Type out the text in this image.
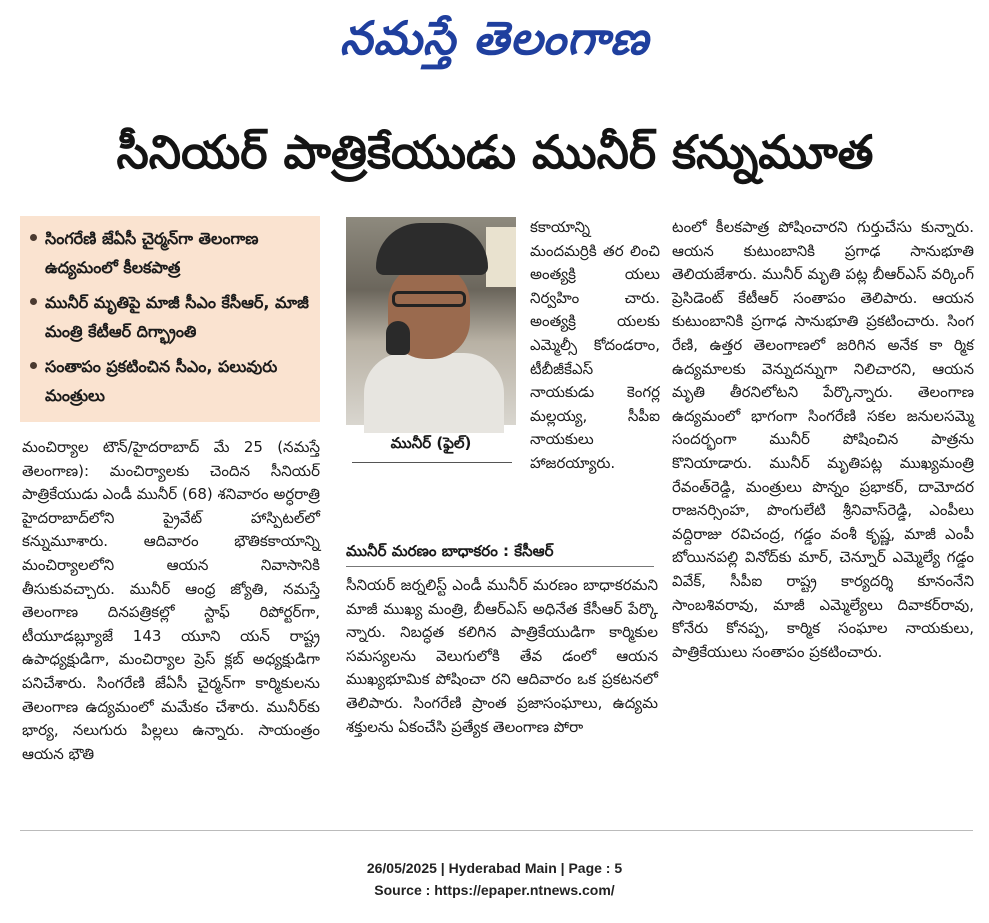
నమస్తే తెలంగాణ
సీనియర్ పాత్రికేయుడు మునీర్ కన్నుమూత
సింగరేణి జేఏసీ చైర్మన్‌గా తెలంగాణ ఉద్యమంలో కీలకపాత్ర
మునీర్ మృతిపై మాజీ సీఎం కేసీఆర్, మాజీ మంత్రి కేటీఆర్ దిగ్భ్రాంతి
సంతాపం ప్రకటించిన సీఎం, పలువురు మంత్రులు
మంచిర్యాల టౌన్/హైదరాబాద్ మే 25 (నమస్తే తెలంగాణ): మంచిర్యాలకు చెందిన సీనియర్ పాత్రికేయుడు ఎండీ మునీర్ (68) శనివారం అర్ధరాత్రి హైదరాబాద్‌లోని ప్రైవేట్ హాస్పిటల్‌లో కన్నుమూశారు. ఆదివారం భౌతికకాయాన్ని మంచిర్యాలలోని ఆయన నివాసానికి తీసుకువచ్చారు. మునీర్ ఆంధ్ర జ్యోతి, నమస్తే తెలంగాణ దినపత్రికల్లో స్టాఫ్ రిపోర్టర్‌గా, టీయూడబ్ల్యూజే 143 యూని యన్ రాష్ట్ర ఉపాధ్యక్షుడిగా, మంచిర్యాల ప్రెస్ క్లబ్ అధ్యక్షుడిగా పనిచేశారు. సింగరేణి జేఏసీ చైర్మన్‌గా కార్మికులను తెలంగాణ ఉద్యమంలో మమేకం చేశారు. మునీర్‌కు భార్య, నలుగురు పిల్లలు ఉన్నారు. సాయంత్రం ఆయన భౌతి
మునీర్ (ఫైల్)
కకాయాన్ని మందమర్రికి తర లించి అంత్యక్రి యలు నిర్వహిం చారు. అంత్యక్రి యలకు ఎమ్మెల్సీ కోదండరాం, టీబీజీకేఎస్ నాయకుడు కెంగర్ల మల్లయ్య, సీపీఐ నాయకులు హాజరయ్యారు.
మునీర్ మరణం బాధాకరం : కేసీఆర్
సీనియర్ జర్నలిస్ట్ ఎండీ మునీర్ మరణం బాధాకరమని మాజీ ముఖ్య మంత్రి, బీఆర్ఎస్ అధినేత కేసీఆర్ పేర్కొ న్నారు. నిబద్ధత కలిగిన పాత్రికేయుడిగా కార్మికుల సమస్యలను వెలుగులోకి తేవ డంలో ఆయన ముఖ్యభూమిక పోషించా రని ఆదివారం ఒక ప్రకటనలో తెలిపారు. సింగరేణి ప్రాంత ప్రజాసంఘాలు, ఉద్యమ శక్తులను ఏకంచేసి ప్రత్యేక తెలంగాణ పోరా
టంలో కీలకపాత్ర పోషించారని గుర్తుచేసు కున్నారు. ఆయన కుటుంబానికి ప్రగాఢ సానుభూతి తెలియజేశారు. మునీర్ మృతి పట్ల బీఆర్ఎస్ వర్కింగ్ ప్రెసిడెంట్ కేటీఆర్ సంతాపం తెలిపారు. ఆయన కుటుంబానికి ప్రగాఢ సానుభూతి ప్రకటించారు. సింగ రేణి, ఉత్తర తెలంగాణలో జరిగిన అనేక కా ర్మిక ఉద్యమాలకు వెన్నుదన్నుగా నిలిచారని, ఆయన మృతి తీరనిలోటని పేర్కొన్నారు. తెలంగాణ ఉద్యమంలో భాగంగా సింగరేణి సకల జనులసమ్మె సందర్భంగా మునీర్ పోషించిన పాత్రను కొనియాడారు. మునీర్ మృతిపట్ల ముఖ్యమంత్రి రేవంత్‌రెడ్డి, మంత్రులు పొన్నం ప్రభాకర్, దామోదర రాజనర్సింహ, పొంగులేటి శ్రీనివాస్‌రెడ్డి, ఎంపీలు వద్దిరాజు రవిచంద్ర, గడ్డం వంశీ కృష్ణ, మాజీ ఎంపీ బోయినపల్లి వినోద్‌కు మార్, చెన్నూర్ ఎమ్మెల్యే గడ్డం వివేక్, సీపీఐ రాష్ట్ర కార్యదర్శి కూనంనేని సాంబశివరావు, మాజీ ఎమ్మెల్యేలు దివాకర్‌రావు, కోనేరు కోనప్ప, కార్మిక సంఘాల నాయకులు, పాత్రికేయులు సంతాపం ప్రకటించారు.
26/05/2025 | Hyderabad Main | Page : 5
Source : https://epaper.ntnews.com/
